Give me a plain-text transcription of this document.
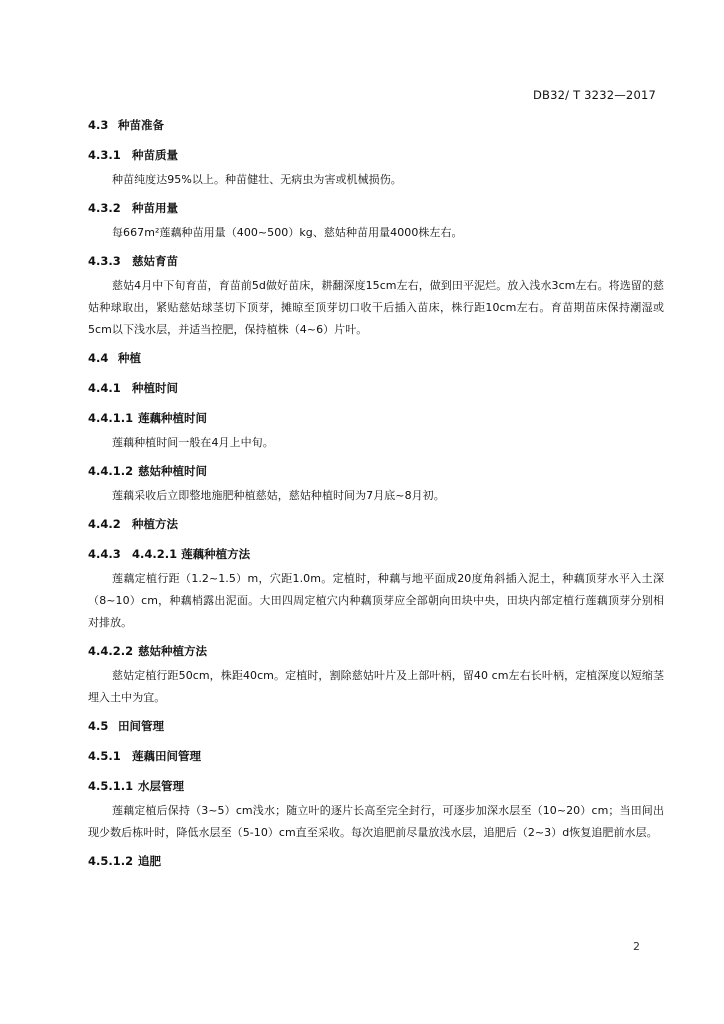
DB32/ T 3232—2017
4.3 种苗准备
4.3.1 种苗质量

种苗纯度达95%以上。种苗健壮、无病虫为害或机械损伤。

4.3.2 种苗用量

每667m²莲藕种苗用量（400~500）kg、慈姑种苗用量4000株左右。

4.3.3 慈姑育苗

慈姑4月中下旬育苗，育苗前5d做好苗床，耕翻深度15cm左右，做到田平泥烂。放入浅水3cm左右。将选留的慈姑种球取出，紧贴慈姑球茎切下顶芽，摊晾至顶芽切口收干后插入苗床，株行距10cm左右。育苗期苗床保持潮湿或5cm以下浅水层，并适当控肥，保持植株（4~6）片叶。

4.4 种植
4.4.1 种植时间
4.4.1.1 莲藕种植时间

莲藕种植时间一般在4月上中旬。

4.4.1.2 慈姑种植时间

莲藕采收后立即整地施肥种植慈姑，慈姑种植时间为7月底~8月初。

4.4.2 种植方法
4.4.3 4.4.2.1 莲藕种植方法

莲藕定植行距（1.2~1.5）m，穴距1.0m。定植时，种藕与地平面成20度角斜插入泥土，种藕顶芽水平入土深（8~10）cm，种藕梢露出泥面。大田四周定植穴内种藕顶芽应全部朝向田块中央，田块内部定植行莲藕顶芽分别相对排放。

4.4.2.2 慈姑种植方法

慈姑定植行距50cm，株距40cm。定植时，割除慈姑叶片及上部叶柄，留40 cm左右长叶柄，定植深度以短缩茎埋入土中为宜。

4.5 田间管理
4.5.1 莲藕田间管理
4.5.1.1 水层管理

莲藕定植后保持（3~5）cm浅水；随立叶的逐片长高至完全封行，可逐步加深水层至（10~20）cm；当田间出现少数后栋叶时，降低水层至（5-10）cm直至采收。每次追肥前尽量放浅水层，追肥后（2~3）d恢复追肥前水层。

4.5.1.2 追肥
2
